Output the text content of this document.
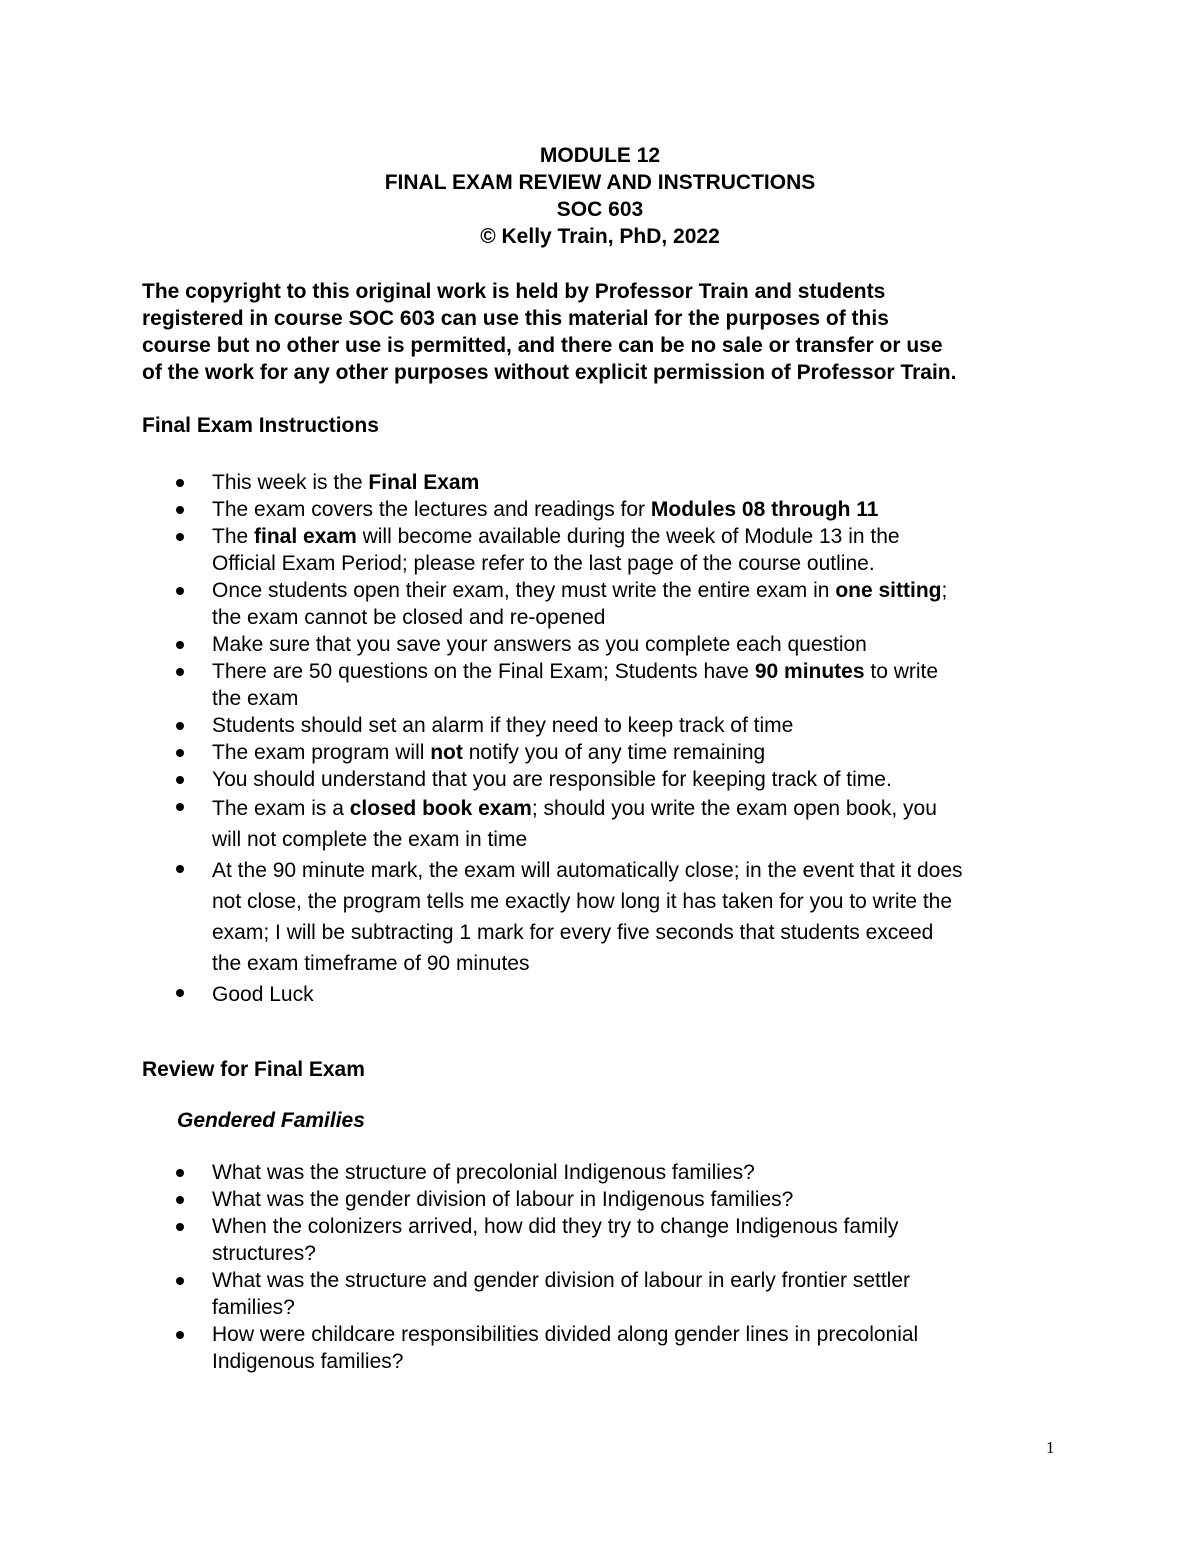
MODULE 12
FINAL EXAM REVIEW AND INSTRUCTIONS
SOC 603
© Kelly Train, PhD, 2022
The copyright to this original work is held by Professor Train and students
registered in course SOC 603 can use this material for the purposes of this
course but no other use is permitted, and there can be no sale or transfer or use
of the work for any other purposes without explicit permission of Professor Train.
Final Exam Instructions
This week is the Final Exam
The exam covers the lectures and readings for Modules 08 through 11
The final exam will become available during the week of Module 13 in the
Official Exam Period; please refer to the last page of the course outline.
Once students open their exam, they must write the entire exam in one sitting;
the exam cannot be closed and re-opened
Make sure that you save your answers as you complete each question
There are 50 questions on the Final Exam; Students have 90 minutes to write
the exam
Students should set an alarm if they need to keep track of time
The exam program will not notify you of any time remaining
You should understand that you are responsible for keeping track of time.
The exam is a closed book exam; should you write the exam open book, you
will not complete the exam in time
At the 90 minute mark, the exam will automatically close; in the event that it does
not close, the program tells me exactly how long it has taken for you to write the
exam; I will be subtracting 1 mark for every five seconds that students exceed
the exam timeframe of 90 minutes
Good Luck
Review for Final Exam
Gendered Families
What was the structure of precolonial Indigenous families?
What was the gender division of labour in Indigenous families?
When the colonizers arrived, how did they try to change Indigenous family
structures?
What was the structure and gender division of labour in early frontier settler
families?
How were childcare responsibilities divided along gender lines in precolonial
Indigenous families?
1
